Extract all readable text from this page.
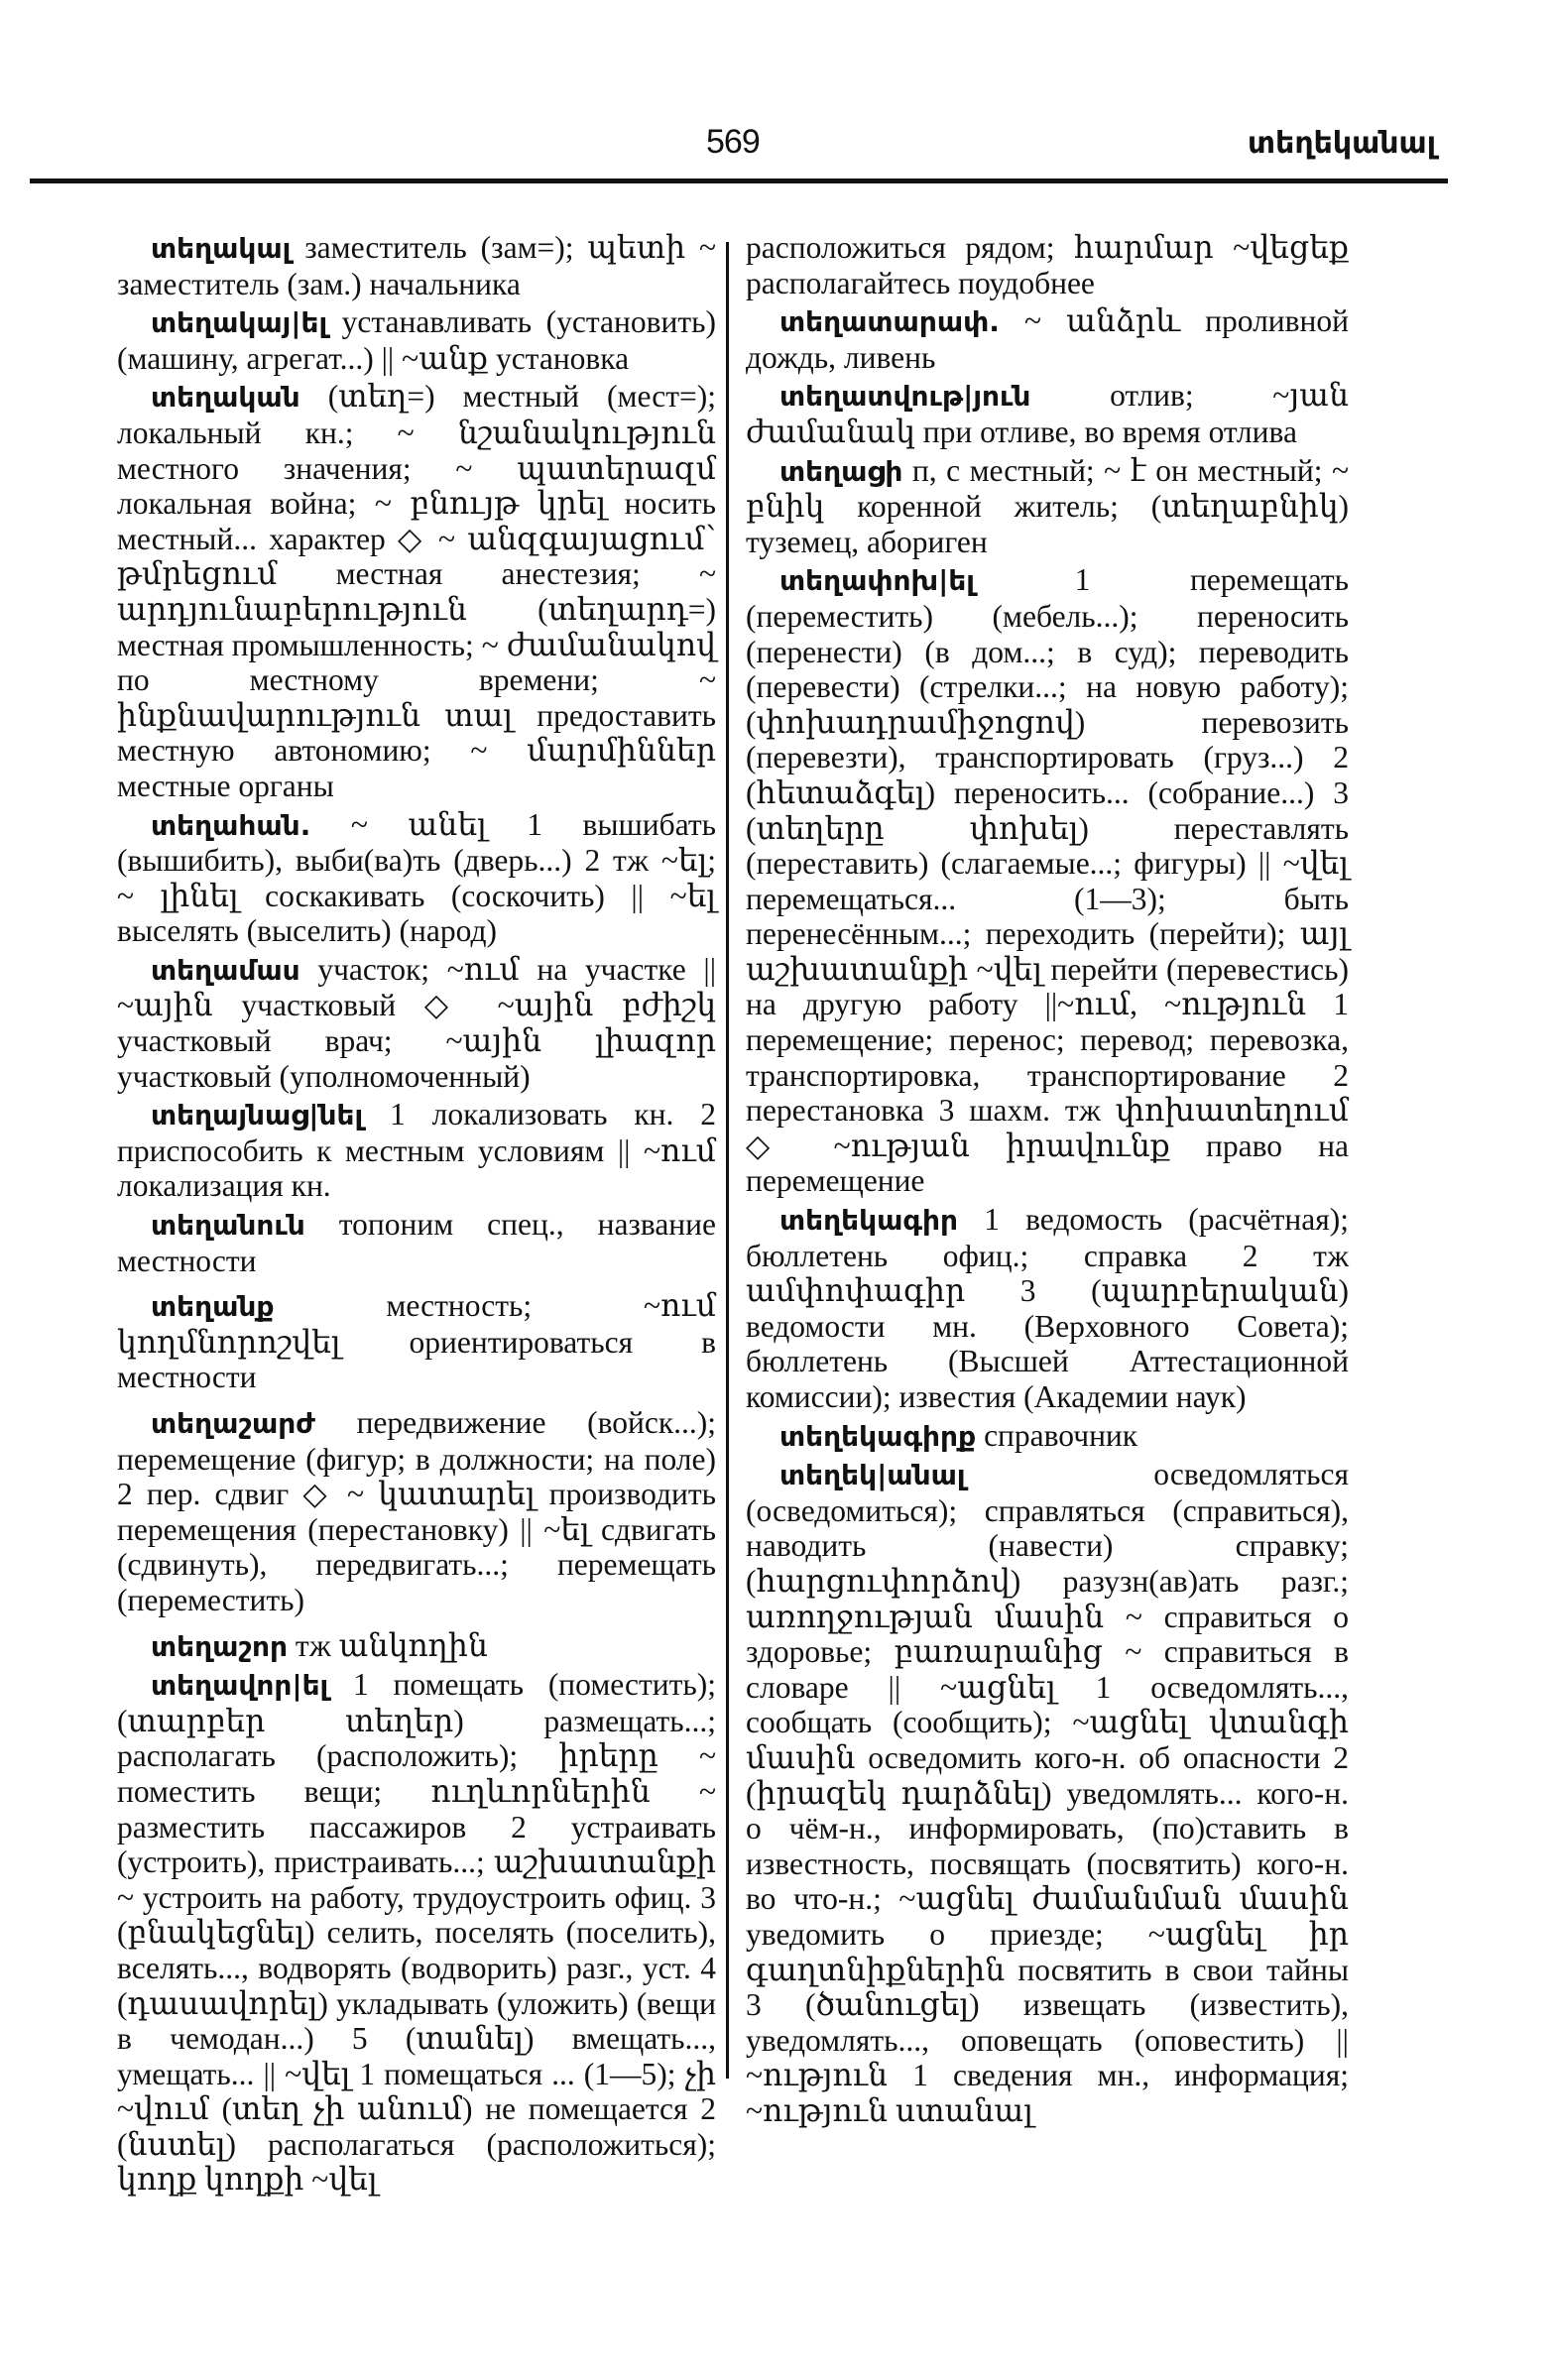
569	տեղեկանալ

տեղակալ заместитель (зам=); պետի ~ заместитель (зам.) начальника

տեղակայ|ել устанавливать (установить) (машину, агрегат...) || ~անք установка

տեղական (տեղ=) местный (мест=); локальный кн.; ~ նշանակություն местного значения; ~ պատերազմ локальная война; ~ բնույթ կրել носить местный... характер ◇ ~ անզգայացում՝ թմրեցում местная анестезия; ~ արդյունաբերություն (տեղարդ=) местная промышленность; ~ ժամանակով по местному времени; ~ ինքնավարություն տալ предоставить местную автономию; ~ մարմիններ местные органы

տեղահան. ~ անել 1 вышибать (вышибить), выби(ва)ть (дверь...) 2 тж ~ել; ~ լինել соскакивать (соскочить) || ~ել выселять (выселить) (народ)

տեղամաս участок; ~ում на участке || ~ային участковый ◇ ~ային բժիշկ участковый врач; ~ային լիազոր участковый (уполномоченный)

տեղայնաց|նել 1 локализовать кн. 2 приспособить к местным условиям || ~ում локализация кн.

տեղանուն топоним спец., название местности

տեղանք местность; ~ում կողմնորոշվել ориентироваться в местности

տեղաշարժ передвижение (войск...); перемещение (фигур; в должности; на поле) 2 пер. сдвиг ◇ ~ կատարել производить перемещения (перестановку) || ~ել сдвигать (сдвинуть), передвигать...; перемещать (переместить)

տեղաշոր тж անկողին

տեղավոր|ել 1 помещать (поместить); (տարբեր տեղեր) размещать...; располагать (расположить); իրերը ~ поместить вещи; ուղևորներին ~ разместить пассажиров 2 устраивать (устроить), пристраивать...; աշխատանքի ~ устроить на работу, трудоустроить офиц. 3 (բնակեցնել) селить, поселять (поселить), вселять..., водворять (водворить) разг., уст. 4 (դասավորել) укладывать (уложить) (вещи в чемодан...) 5 (տանել) вмещать..., умещать... || ~վել 1 помещаться ... (1—5); չի ~վում (տեղ չի անում) не помещается 2 (նստել) располагаться (расположиться); կողք կողքի ~վել

расположиться рядом; հարմար ~վեցեք располагайтесь поудобнее

տեղատարափ. ~ անձրև проливной дождь, ливень

տեղատվութ|յուն отлив; ~յան ժամանակ при отливе, во время отлива

տեղացի п, с местный; ~ է он местный; ~ բնիկ коренной житель; (տեղաբնիկ) туземец, абориген

տեղափոխ|ել 1 перемещать (переместить) (мебель...); переносить (перенести) (в дом...; в суд); переводить (перевести) (стрелки...; на новую работу); (փոխադրամիջոցով) перевозить (перевезти), транспортировать (груз...) 2 (հետաձգել) переносить... (собрание...) 3 (տեղերը փոխել) переставлять (переставить) (слагаемые...; фигуры) || ~վել перемещаться... (1—3); быть перенесённым...; переходить (перейти); այլ աշխատանքի ~վել перейти (перевестись) на другую работу ||~ում, ~ություն 1 перемещение; перенос; перевод; перевозка, транспортировка, транспортирование 2 перестановка 3 шахм. тж փոխատեղում ◇ ~ության իրավունք право на перемещение

տեղեկագիր 1 ведомость (расчётная); бюллетень офиц.; справка 2 тж ամփոփագիր 3 (պարբերական) ведомости мн. (Верховного Совета); бюллетень (Высшей Аттестационной комиссии); известия (Академии наук)

տեղեկագիրք справочник

տեղեկ|անալ осведомляться (осведомиться); справляться (справиться), наводить (навести) справку; (հարցուփորձով) разузн(ав)ать разг.; առողջության մասին ~ справиться о здоровье; բառարանից ~ справиться в словаре || ~ացնել 1 осведомлять..., сообщать (сообщить); ~ացնել վտանգի մասին осведомить кого-н. об опасности 2 (իրազեկ դարձնել) уведомлять... кого-н. о чём-н., информировать, (по)ставить в известность, посвящать (посвятить) кого-н. во что-н.; ~ացնել ժամանման մասին уведомить о приезде; ~ացնել իր գաղտնիքներին посвятить в свои тайны 3 (ծանուցել) извещать (известить), уведомлять..., оповещать (оповестить) || ~ություն 1 сведения мн., информация; ~ություն ստանալ
